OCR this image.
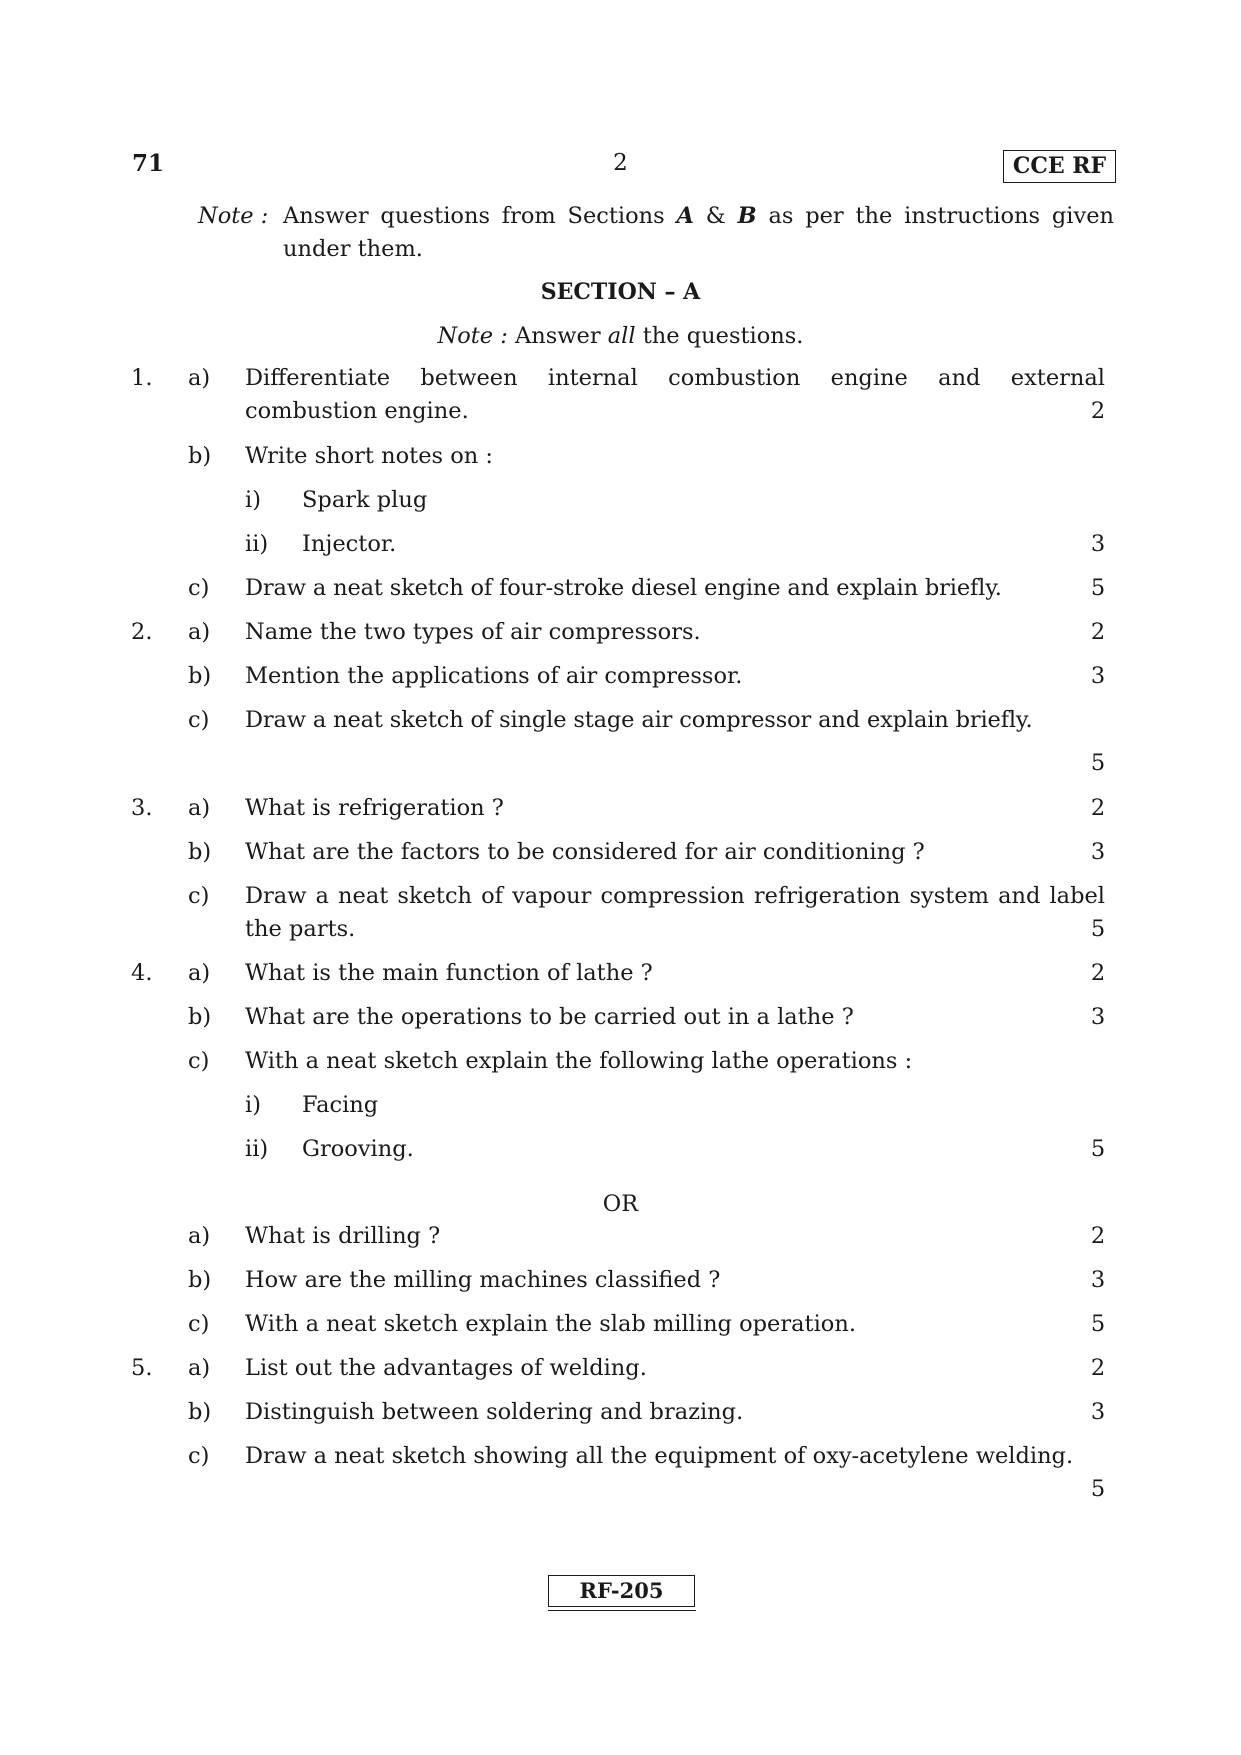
71	2	CCE RF
Note : Answer questions from Sections A & B as per the instructions given under them.
SECTION – A
Note : Answer all the questions.
1. a) Differentiate between internal combustion engine and external combustion engine.	2
b) Write short notes on :
i) Spark plug
ii) Injector.	3
c) Draw a neat sketch of four-stroke diesel engine and explain briefly.	5
2. a) Name the two types of air compressors.	2
b) Mention the applications of air compressor.	3
c) Draw a neat sketch of single stage air compressor and explain briefly.
5
3. a) What is refrigeration ?	2
b) What are the factors to be considered for air conditioning ?	3
c) Draw a neat sketch of vapour compression refrigeration system and label the parts.	5
4. a) What is the main function of lathe ?	2
b) What are the operations to be carried out in a lathe ?	3
c) With a neat sketch explain the following lathe operations :
i) Facing
ii) Grooving.	5
OR
a) What is drilling ?	2
b) How are the milling machines classified ?	3
c) With a neat sketch explain the slab milling operation.	5
5. a) List out the advantages of welding.	2
b) Distinguish between soldering and brazing.	3
c) Draw a neat sketch showing all the equipment of oxy-acetylene welding.
5
RF-205
